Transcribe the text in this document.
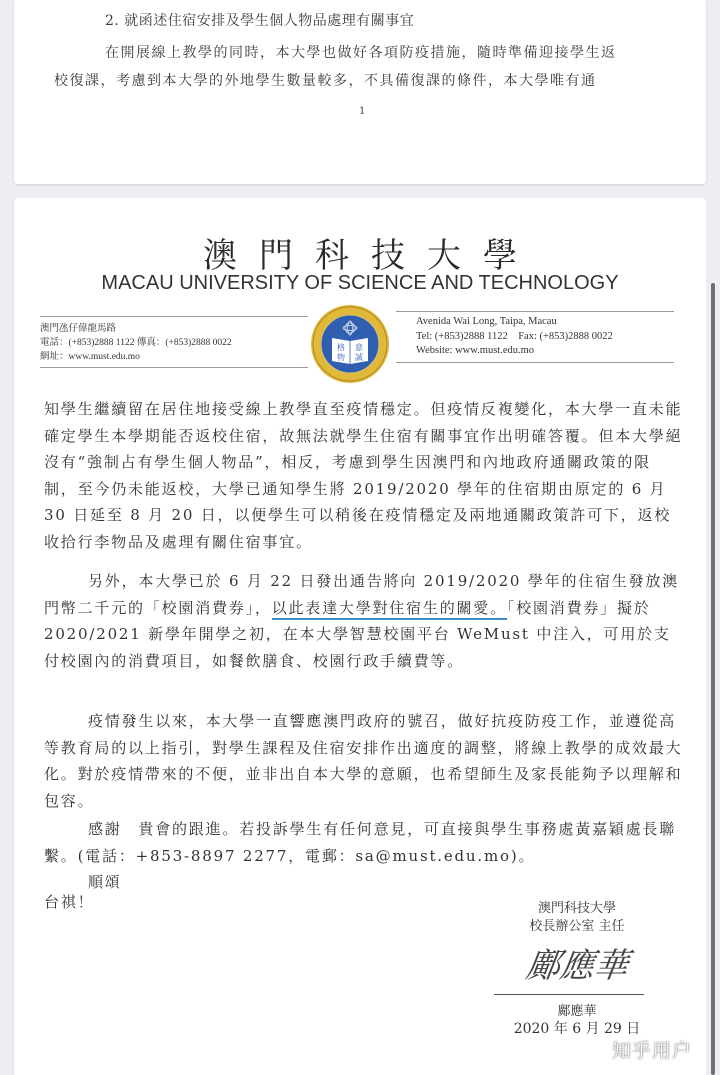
2. 就函述住宿安排及學生個人物品處理有關事宜
在開展線上教學的同時，本大學也做好各項防疫措施，隨時準備迎接學生返
校復課，考慮到本大學的外地學生數量較多，不具備復課的條件，本大學唯有通
1
澳門科技大學
MACAU UNIVERSITY OF SCIENCE AND TECHNOLOGY
澳門氹仔偉龍馬路
電話：(+853)2888 1122 傳真：(+853)2888 0022
網址：www.must.edu.mo
格 意
物 誠
Avenida Wai Long, Taipa, Macau
Tel: (+853)2888 1122    Fax: (+853)2888 0022
Website: www.must.edu.mo
知學生繼續留在居住地接受線上教學直至疫情穩定。但疫情反複變化，本大學一直未能確定學生本學期能否返校住宿，故無法就學生住宿有關事宜作出明確答覆。但本大學絕沒有“強制占有學生個人物品”，相反，考慮到學生因澳門和內地政府通關政策的限制，至今仍未能返校，大學已通知學生將 2019/2020 學年的住宿期由原定的 6 月 30 日延至 8 月 20 日，以便學生可以稍後在疫情穩定及兩地通關政策許可下，返校收拾行李物品及處理有關住宿事宜。
另外，本大學已於 6 月 22 日發出通告將向 2019/2020 學年的住宿生發放澳門幣二千元的「校園消費券」，以此表達大學對住宿生的關愛。「校園消費券」擬於 2020/2021 新學年開學之初，在本大學智慧校園平台 WeMust 中注入，可用於支付校園內的消費項目，如餐飲膳食、校園行政手續費等。
疫情發生以來，本大學一直響應澳門政府的號召，做好抗疫防疫工作，並遵從高等教育局的以上指引，對學生課程及住宿安排作出適度的調整，將線上教學的成效最大化。對於疫情帶來的不便，並非出自本大學的意願，也希望師生及家長能夠予以理解和包容。
感謝　貴會的跟進。若投訴學生有任何意見，可直接與學生事務處黃嘉穎處長聯繫。(電話：+853-8897 2277，電郵：sa@must.edu.mo)。
順頌
台祺！	澳門科技大學
校長辦公室 主任
鄺應華
鄺應華
2020 年 6 月 29 日
知乎用户
